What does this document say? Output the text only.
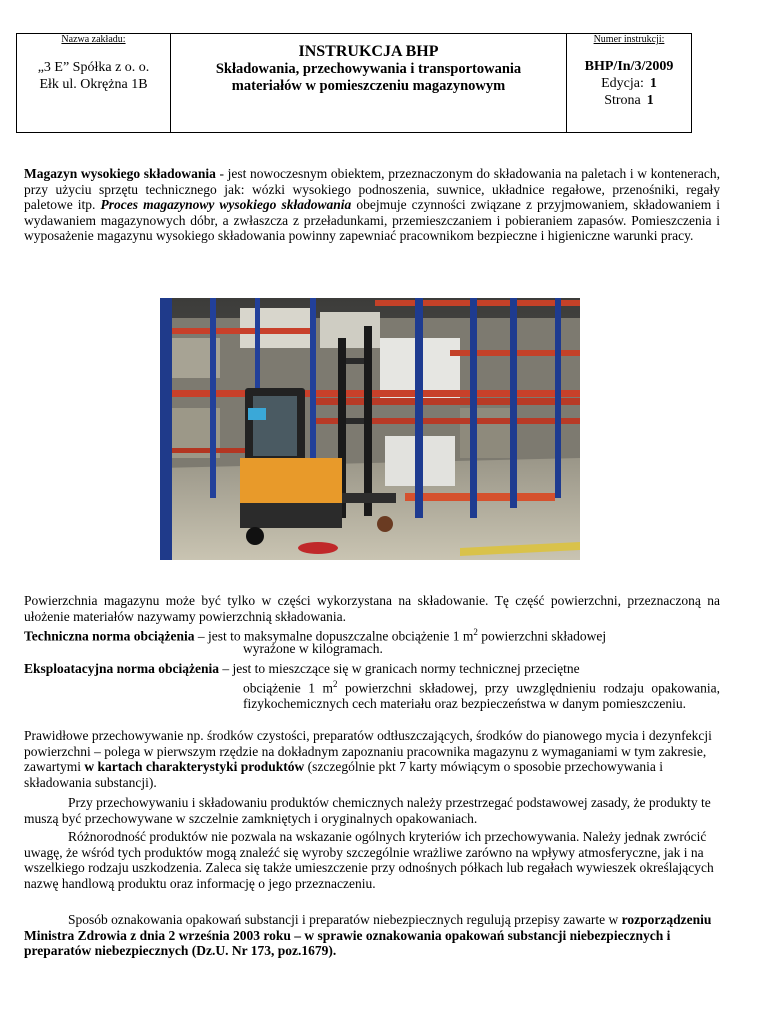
Nazwa zakładu:
„3 E” Spółka z o. o.
Ełk ul. Okrężna 1B
INSTRUKCJA BHP
Składowania, przechowywania i transportowania
materiałów w pomieszczeniu magazynowym
Numer instrukcji:
BHP/In/3/2009
Edycja: 1
Strona 1
Magazyn wysokiego składowania - jest nowoczesnym obiektem, przeznaczonym do składowania na paletach i w kontenerach, przy użyciu sprzętu technicznego jak: wózki wysokiego podnoszenia, suwnice, układnice regałowe, przenośniki, regały paletowe itp. Proces magazynowy wysokiego składowania obejmuje czynności związane z przyjmowaniem, składowaniem i wydawaniem magazynowych dóbr, a zwłaszcza z przeładunkami, przemieszczaniem i pobieraniem zapasów. Pomieszczenia i wyposażenie magazynu wysokiego składowania powinny zapewniać pracownikom bezpieczne i higieniczne warunki pracy.
Powierzchnia magazynu może być tylko w części wykorzystana na składowanie. Tę część powierzchni, przeznaczoną na ułożenie materiałów nazywamy powierzchnią składowania.
Techniczna norma obciążenia – jest to maksymalne dopuszczalne obciążenie 1 $m^2$ powierzchni składowej
wyrażone w kilogramach.
Eksploatacyjna norma obciążenia – jest to mieszczące się w granicach normy technicznej przeciętne
obciążenie 1 $m^2$ powierzchni składowej, przy uwzględnieniu rodzaju opakowania, fizykochemicznych cech materiału oraz bezpieczeństwa w danym pomieszczeniu.
Prawidłowe przechowywanie np. środków czystości, preparatów odtłuszczających, środków do pianowego mycia i dezynfekcji powierzchni – polega w pierwszym rzędzie na dokładnym zapoznaniu pracownika magazynu z wymaganiami w tym zakresie, zawartymi w kartach charakterystyki produktów (szczególnie pkt 7 karty mówiącym o sposobie przechowywania i składowania substancji).
Przy przechowywaniu i składowaniu produktów chemicznych należy przestrzegać podstawowej zasady, że produkty te muszą być przechowywane w szczelnie zamkniętych i oryginalnych opakowaniach.
Różnorodność produktów nie pozwala na wskazanie ogólnych kryteriów ich przechowywania. Należy jednak zwrócić uwagę, że wśród tych produktów mogą znaleźć się wyroby szczególnie wrażliwe zarówno na wpływy atmosferyczne, jak i na wszelkiego rodzaju uszkodzenia. Zaleca się także umieszczenie przy odnośnych półkach lub regałach wywieszek określających nazwę handlową produktu oraz informację o jego przeznaczeniu.
Sposób oznakowania opakowań substancji i preparatów niebezpiecznych regulują przepisy zawarte w rozporządzeniu Ministra Zdrowia z dnia 2 września 2003 roku – w sprawie oznakowania opakowań substancji niebezpiecznych i preparatów niebezpiecznych (Dz.U. Nr 173, poz.1679).
